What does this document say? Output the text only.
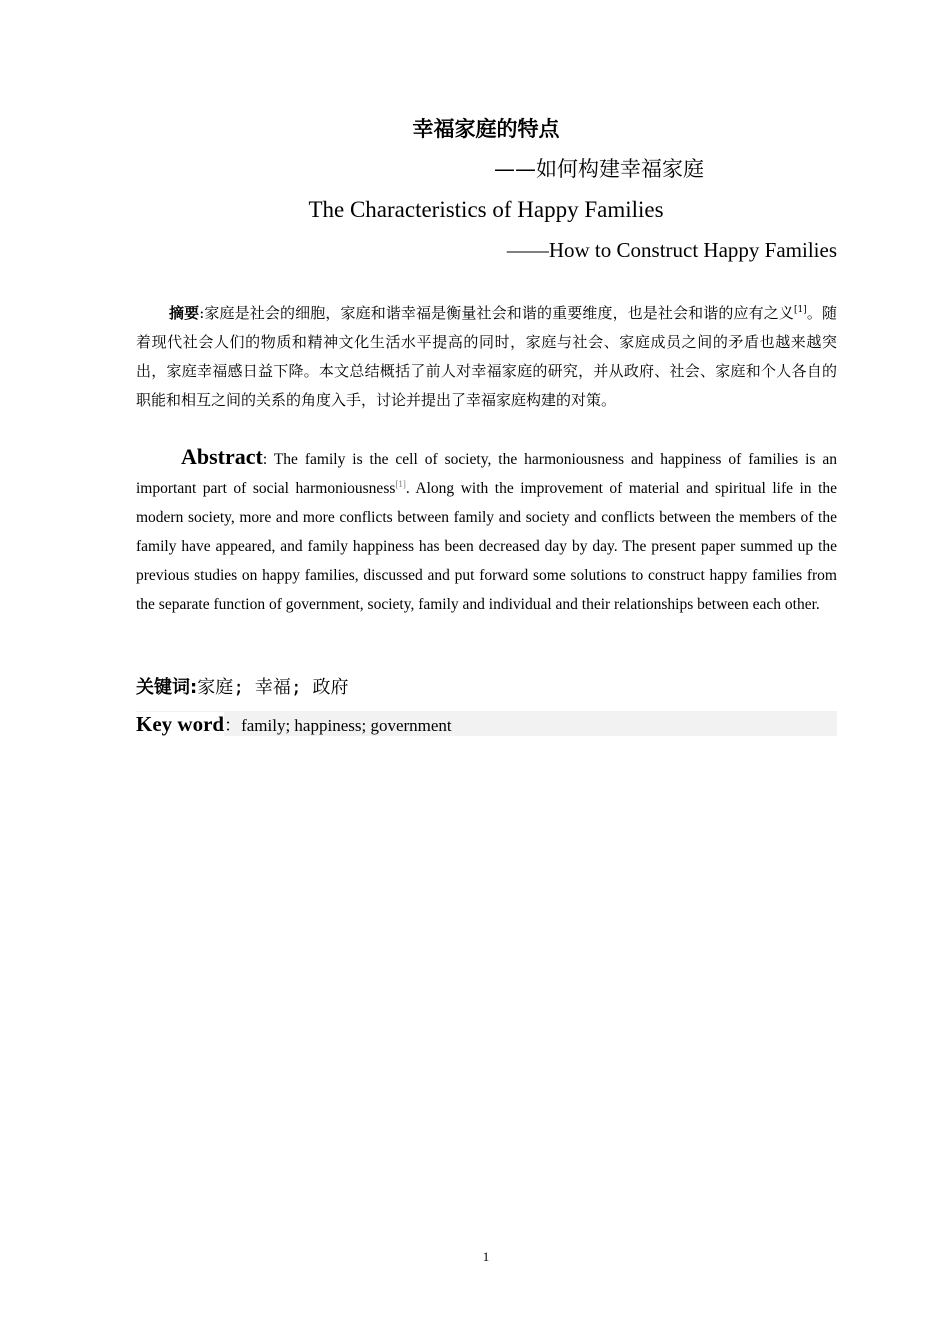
幸福家庭的特点
——如何构建幸福家庭
The Characteristics of Happy Families
——How to Construct Happy Families
摘要:家庭是社会的细胞，家庭和谐幸福是衡量社会和谐的重要维度，也是社会和谐的应有之义[1]。随着现代社会人们的物质和精神文化生活水平提高的同时，家庭与社会、家庭成员之间的矛盾也越来越突出，家庭幸福感日益下降。本文总结概括了前人对幸福家庭的研究，并从政府、社会、家庭和个人各自的职能和相互之间的关系的角度入手，讨论并提出了幸福家庭构建的对策。
Abstract: The family is the cell of society, the harmoniousness and happiness of families is an important part of social harmoniousness[1]. Along with the improvement of material and spiritual life in the modern society, more and more conflicts between family and society and conflicts between the members of the family have appeared, and family happiness has been decreased day by day. The present paper summed up the previous studies on happy families, discussed and put forward some solutions to construct happy families from the separate function of government, society, family and individual and their relationships between each other.
关键词:家庭; 幸福; 政府
Key word：family; happiness; government
1
